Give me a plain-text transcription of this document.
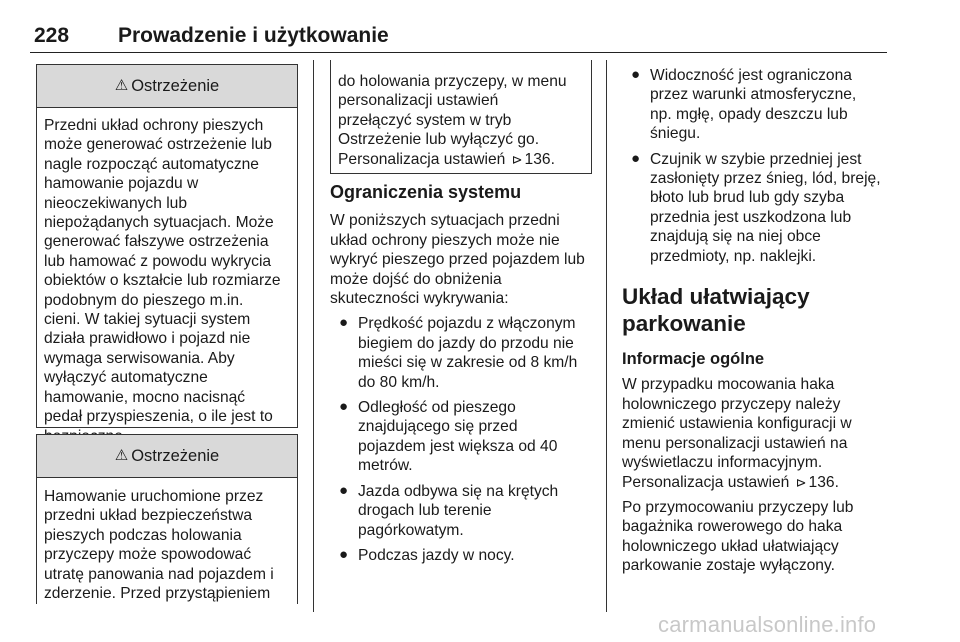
228 Prowadzenie i użytkowanie
⚠ Ostrzeżenie
Przedni układ ochrony pieszych
może generować ostrzeżenie lub
nagle rozpocząć automatyczne
hamowanie pojazdu w
nieoczekiwanych lub
niepożądanych sytuacjach. Może
generować fałszywe ostrzeżenia
lub hamować z powodu wykrycia
obiektów o kształcie lub rozmiarze
podobnym do pieszego m.in.
cieni. W takiej sytuacji system
działa prawidłowo i pojazd nie
wymaga serwisowania. Aby
wyłączyć automatyczne
hamowanie, mocno nacisnąć
pedał przyspieszenia, o ile jest to
⚠ Ostrzeżenie
Hamowanie uruchomione przez
przedni układ bezpieczeństwa
pieszych podczas holowania
przyczepy może spowodować
utratę panowania nad pojazdem i
zderzenie. Przed przystąpieniem
do holowania przyczepy, w menu
personalizacji ustawień
przełączyć system w tryb
Ostrzeżenie lub wyłączyć go.
Personalizacja ustawień ⊳ 136.
Ograniczenia systemu
W poniższych sytuacjach przedni
układ ochrony pieszych może nie
wykryć pieszego przed pojazdem lub
może dojść do obniżenia
skuteczności wykrywania:
● Prędkość pojazdu z włączonym
biegiem do jazdy do przodu nie
mieści się w zakresie od 8 km/h
do 80 km/h.
● Odległość od pieszego
znajdującego się przed
pojazdem jest większa od 40
metrów.
● Jazda odbywa się na krętych
drogach lub terenie
pagórkowatym.
● Podczas jazdy w nocy.
● Widoczność jest ograniczona
przez warunki atmosferyczne,
np. mgłę, opady deszczu lub
śniegu.
● Czujnik w szybie przedniej jest
zasłonięty przez śnieg, lód, breję,
błoto lub brud lub gdy szyba
przednia jest uszkodzona lub
znajdują się na niej obce
przedmioty, np. naklejki.
Układ ułatwiający
parkowanie
Informacje ogólne
W przypadku mocowania haka
holowniczego przyczepy należy
zmienić ustawienia konfiguracji w
menu personalizacji ustawień na
wyświetlaczu informacyjnym.
Personalizacja ustawień ⊳ 136.
Po przymocowaniu przyczepy lub
bagażnika rowerowego do haka
holowniczego układ ułatwiający
parkowanie zostaje wyłączony.
carmanualsonline.info
